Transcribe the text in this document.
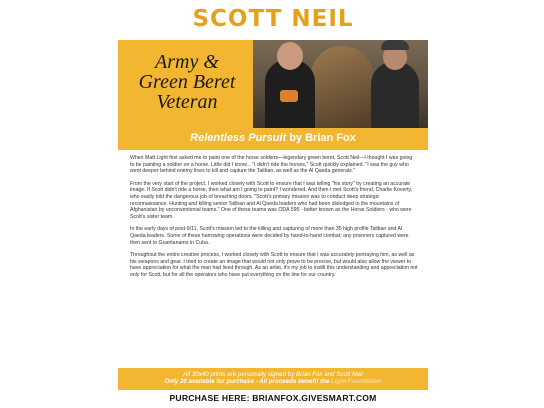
SCOTT NEIL
Army &
Green Beret
Veteran
Relentless Pursuit by Brian Fox

When Matt Light first asked me to paint one of the horse soldiers—legendary green beret, Scott Neil—I thought I was going to be painting a soldier on a horse. Little did I know... "I didn't ride the horses," Scott quickly explained. "I was the guy who went deeper behind enemy lines to kill and capture the Taliban, as well as the Al Qaeda generals."

From the very start of the project, I worked closely with Scott to ensure that I was telling "his story" by creating an accurate image. If Scott didn't ride a horse, then what am I going to paint? I wondered. And then I met Scott's friend, Charlie Koverty, who easily told the dangerous job of breaching doors. "Scott's primary mission was to conduct deep strategic reconnaissance. Hunting and killing senior Taliban and Al Qaeda leaders who had been dislodged in the mountains of Afghanistan by unconventional teams." One of these teams was ODA 595 - better known as the Horse Soldiers - who were Scott's sister team.

In the early days of post-9/11, Scott's mission led to the killing and capturing of more than 35 high profile Taliban and Al Qaeda leaders. Some of these harrowing operations were decided by hand-to-hand combat; any prisoners captured were then sent to Guantanamo in Cuba.

Throughout the entire creative process, I worked closely with Scott to ensure that I was accurately portraying him, as well as his weapons and gear. I tried to create an image that would not only prove to be precise, but would also allow the viewer to have appreciation for what the man had lived through. As an artist, it's my job to instill this understanding and appreciation not only for Scott, but for all the operators who have put everything on the line for our country.

All 30x40 prints are personally signed by Brian Fox and Scott Neil
Only 20 available for purchase - All proceeds benefit the Light Foundation
PURCHASE HERE: BRIANFOX.GIVESMART.COM
